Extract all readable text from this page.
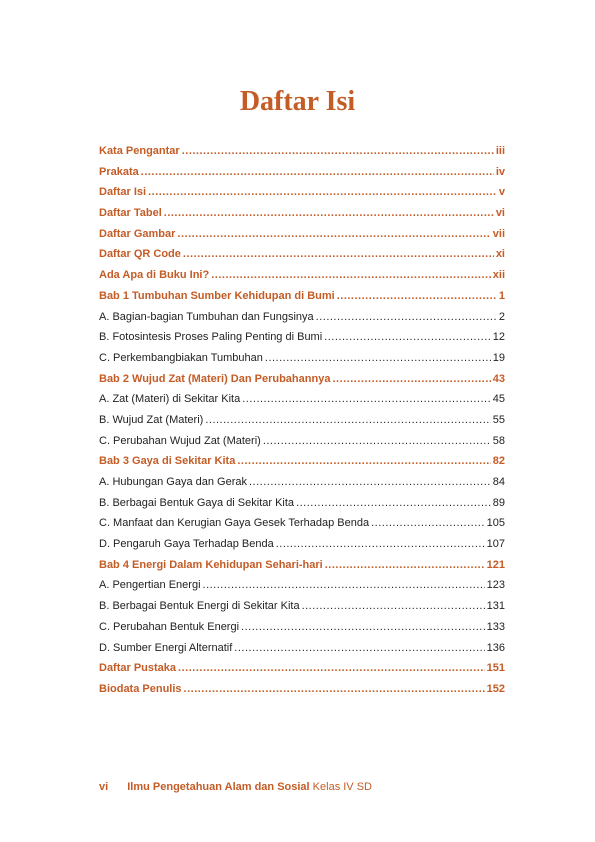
Daftar Isi
Kata Pengantar .....	iii
Prakata .....	iv
Daftar Isi .....	v
Daftar Tabel .....	vi
Daftar Gambar .....	vii
Daftar QR Code .....	xi
Ada Apa di Buku Ini? .....	xii
Bab 1 Tumbuhan Sumber Kehidupan di Bumi .....	1
A. Bagian-bagian Tumbuhan dan Fungsinya .....	2
B. Fotosintesis Proses Paling Penting di Bumi .....	12
C. Perkembangbiakan Tumbuhan .....	19
Bab 2 Wujud Zat (Materi) Dan Perubahannya .....	43
A. Zat (Materi) di Sekitar Kita .....	45
B. Wujud Zat (Materi) .....	55
C. Perubahan Wujud Zat (Materi) .....	58
Bab 3 Gaya di Sekitar Kita .....	82
A. Hubungan Gaya dan Gerak .....	84
B. Berbagai Bentuk Gaya di Sekitar Kita .....	89
C. Manfaat dan Kerugian Gaya Gesek Terhadap Benda .....	105
D. Pengaruh Gaya Terhadap Benda .....	107
Bab 4 Energi Dalam Kehidupan Sehari-hari .....	121
A. Pengertian Energi .....	123
B. Berbagai Bentuk Energi di Sekitar Kita .....	131
C. Perubahan Bentuk Energi .....	133
D. Sumber Energi Alternatif .....	136
Daftar Pustaka .....	151
Biodata Penulis .....	152
vi Ilmu Pengetahuan Alam dan Sosial Kelas IV SD
